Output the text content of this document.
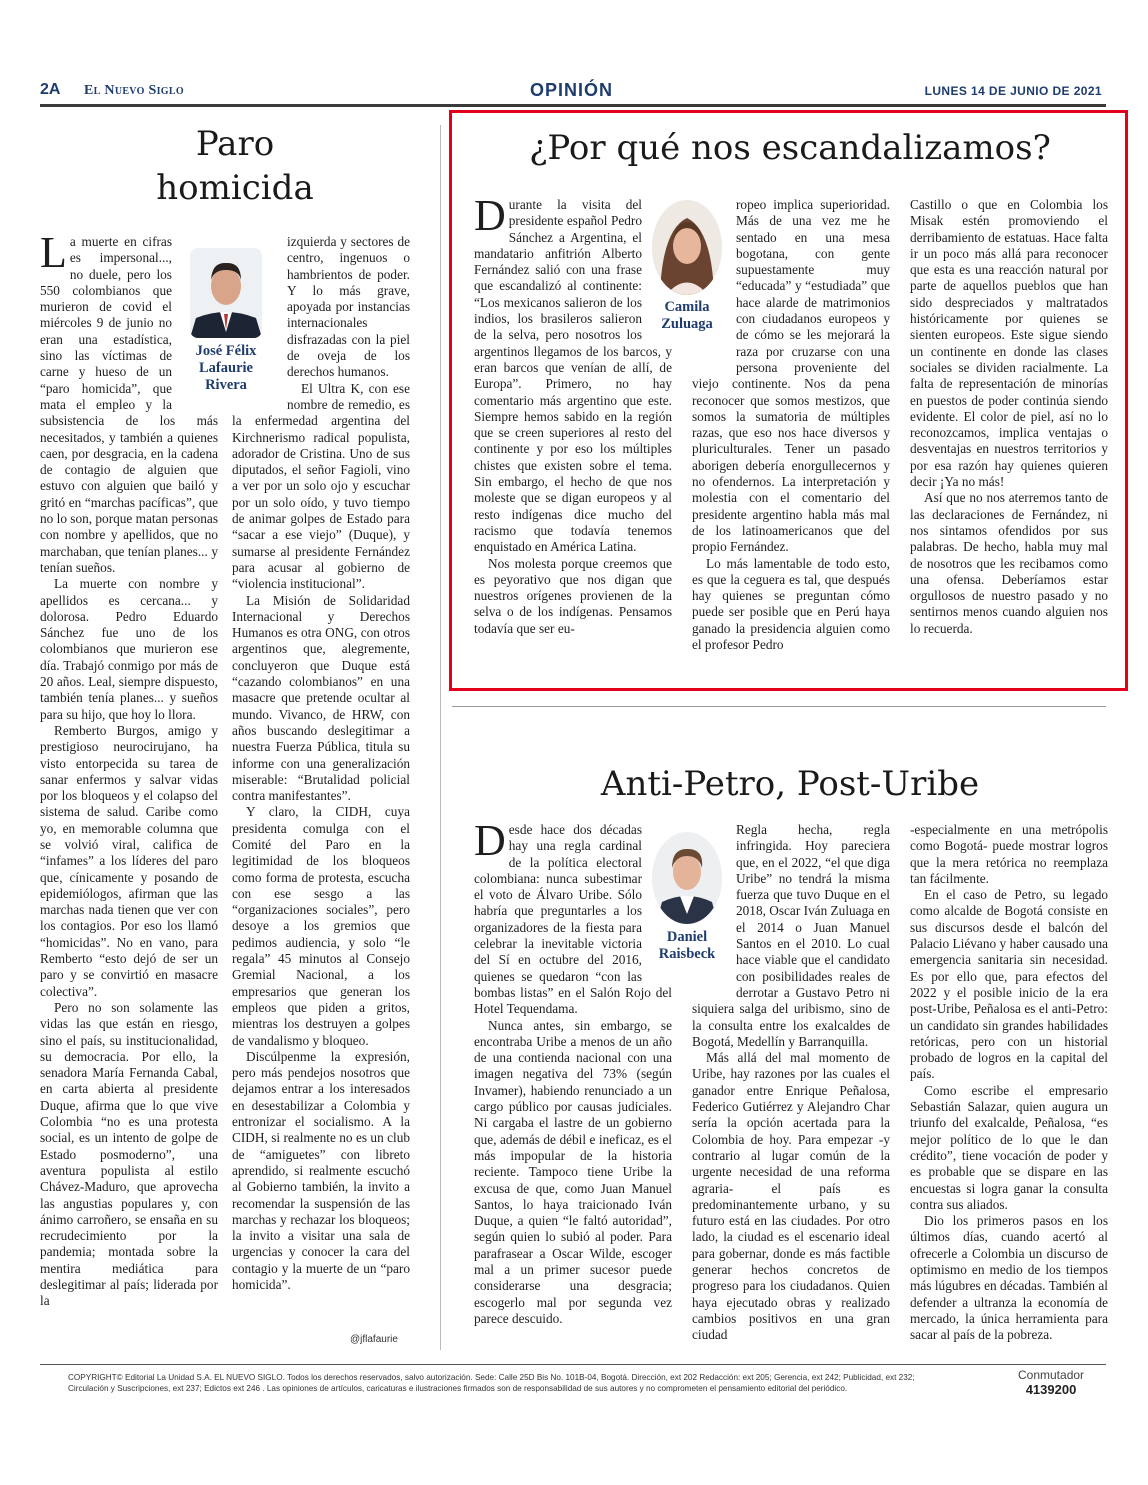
2A El Nuevo Siglo	OPINIÓN	LUNES 14 DE JUNIO DE 2021
Paro
homicida
José Félix
Lafaurie
Rivera

La muerte en cifras es impersonal..., no duele, pero los 550 colombianos que murieron de covid el miércoles 9 de junio no eran una estadística, sino las víctimas de carne y hueso de un “paro homicida”, que mata el empleo y la subsistencia de los más necesitados, y también a quienes caen, por desgracia, en la cadena de contagio de alguien que estuvo con alguien que bailó y gritó en “marchas pacíficas”, que no lo son, porque matan personas con nombre y apellidos, que no marchaban, que tenían planes... y tenían sueños.

La muerte con nombre y apellidos es cercana... y dolorosa. Pedro Eduardo Sánchez fue uno de los colombianos que murieron ese día. Trabajó conmigo por más de 20 años. Leal, siempre dispuesto, también tenía planes... y sueños para su hijo, que hoy lo llora.

Remberto Burgos, amigo y prestigioso neurocirujano, ha visto entorpecida su tarea de sanar enfermos y salvar vidas por los bloqueos y el colapso del sistema de salud. Caribe como yo, en memorable columna que se volvió viral, califica de “infames” a los líderes del paro que, cínicamente y posando de epidemiólogos, afirman que las marchas nada tienen que ver con los contagios. Por eso los llamó “homicidas”. No en vano, para Remberto “esto dejó de ser un paro y se convirtió en masacre colectiva”.

Pero no son solamente las vidas las que están en riesgo, sino el país, su institucionalidad, su democracia. Por ello, la senadora María Fernanda Cabal, en carta abierta al presidente Duque, afirma que lo que vive Colombia “no es una protesta social, es un intento de golpe de Estado posmoderno”, una aventura populista al estilo Chávez-Maduro, que aprovecha las angustias populares y, con ánimo carroñero, se ensaña en su recrudecimiento por la pandemia; montada sobre la mentira mediática para deslegitimar al país; liderada por la

izquierda y sectores de centro, ingenuos o hambrientos de poder. Y lo más grave, apoyada por instancias internacionales disfrazadas con la piel de oveja de los derechos humanos.

El Ultra K, con ese nombre de remedio, es la enfermedad argentina del Kirchnerismo radical populista, adorador de Cristina. Uno de sus diputados, el señor Fagioli, vino a ver por un solo ojo y escuchar por un solo oído, y tuvo tiempo de animar golpes de Estado para “sacar a ese viejo” (Duque), y sumarse al presidente Fernández para acusar al gobierno de “violencia institucional”.

La Misión de Solidaridad Internacional y Derechos Humanos es otra ONG, con otros argentinos que, alegremente, concluyeron que Duque está “cazando colombianos” en una masacre que pretende ocultar al mundo. Vivanco, de HRW, con años buscando deslegitimar a nuestra Fuerza Pública, titula su informe con una generalización miserable: “Brutalidad policial contra manifestantes”.

Y claro, la CIDH, cuya presidenta comulga con el Comité del Paro en la legitimidad de los bloqueos como forma de protesta, escucha con ese sesgo a las “organizaciones sociales”, pero desoye a los gremios que pedimos audiencia, y solo “le regala” 45 minutos al Consejo Gremial Nacional, a los empresarios que generan los empleos que piden a gritos, mientras los destruyen a golpes de vandalismo y bloqueo.

Discúlpenme la expresión, pero más pendejos nosotros que dejamos entrar a los interesados en desestabilizar a Colombia y entronizar el socialismo. A la CIDH, si realmente no es un club de “amiguetes” con libreto aprendido, si realmente escuchó al Gobierno también, la invito a recomendar la suspensión de las marchas y rechazar los bloqueos; la invito a visitar una sala de urgencias y conocer la cara del contagio y la muerte de un “paro homicida”.

@jflafaurie
¿Por qué nos escandalizamos?
Camila
Zuluaga

Durante la visita del presidente español Pedro Sánchez a Argentina, el mandatario anfitrión Alberto Fernández salió con una frase que escandalizó al continente: “Los mexicanos salieron de los indios, los brasileros salieron de la selva, pero nosotros los argentinos llegamos de los barcos, y eran barcos que venían de allí, de Europa”. Primero, no hay comentario más argentino que este. Siempre hemos sabido en la región que se creen superiores al resto del continente y por eso los múltiples chistes que existen sobre el tema. Sin embargo, el hecho de que nos moleste que se digan europeos y al resto indígenas dice mucho del racismo que todavía tenemos enquistado en América Latina.

Nos molesta porque creemos que es peyorativo que nos digan que nuestros orígenes provienen de la selva o de los indígenas. Pensamos todavía que ser eu-

ropeo implica superioridad. Más de una vez me he sentado en una mesa bogotana, con gente supuestamente muy “educada” y “estudiada” que hace alarde de matrimonios con ciudadanos europeos y de cómo se les mejorará la raza por cruzarse con una persona proveniente del viejo continente. Nos da pena reconocer que somos mestizos, que somos la sumatoria de múltiples razas, que eso nos hace diversos y pluriculturales. Tener un pasado aborigen debería enorgullecernos y no ofendernos. La interpretación y molestia con el comentario del presidente argentino habla más mal de los latinoamericanos que del propio Fernández.

Lo más lamentable de todo esto, es que la ceguera es tal, que después hay quienes se preguntan cómo puede ser posible que en Perú haya ganado la presidencia alguien como el profesor Pedro

Castillo o que en Colombia los Misak estén promoviendo el derribamiento de estatuas. Hace falta ir un poco más allá para reconocer que esta es una reacción natural por parte de aquellos pueblos que han sido despreciados y maltratados históricamente por quienes se sienten europeos. Este sigue siendo un continente en donde las clases sociales se dividen racialmente. La falta de representación de minorías en puestos de poder continúa siendo evidente. El color de piel, así no lo reconozcamos, implica ventajas o desventajas en nuestros territorios y por esa razón hay quienes quieren decir ¡Ya no más!

Así que no nos aterremos tanto de las declaraciones de Fernández, ni nos sintamos ofendidos por sus palabras. De hecho, habla muy mal de nosotros que les recibamos como una ofensa. Deberíamos estar orgullosos de nuestro pasado y no sentirnos menos cuando alguien nos lo recuerda.

Anti-Petro, Post-Uribe
Daniel
Raisbeck

Desde hace dos décadas hay una regla cardinal de la política electoral colombiana: nunca subestimar el voto de Álvaro Uribe. Sólo habría que preguntarles a los organizadores de la fiesta para celebrar la inevitable victoria del Sí en octubre del 2016, quienes se quedaron “con las bombas listas” en el Salón Rojo del Hotel Tequendama.

Nunca antes, sin embargo, se encontraba Uribe a menos de un año de una contienda nacional con una imagen negativa del 73% (según Invamer), habiendo renunciado a un cargo público por causas judiciales. Ni cargaba el lastre de un gobierno que, además de débil e ineficaz, es el más impopular de la historia reciente. Tampoco tiene Uribe la excusa de que, como Juan Manuel Santos, lo haya traicionado Iván Duque, a quien “le faltó autoridad”, según quien lo subió al poder. Para parafrasear a Oscar Wilde, escoger mal a un primer sucesor puede considerarse una desgracia; escogerlo mal por segunda vez parece descuido.

Regla hecha, regla infringida. Hoy pareciera que, en el 2022, “el que diga Uribe” no tendrá la misma fuerza que tuvo Duque en el 2018, Oscar Iván Zuluaga en el 2014 o Juan Manuel Santos en el 2010. Lo cual hace viable que el candidato con posibilidades reales de derrotar a Gustavo Petro ni siquiera salga del uribismo, sino de la consulta entre los exalcaldes de Bogotá, Medellín y Barranquilla.

Más allá del mal momento de Uribe, hay razones por las cuales el ganador entre Enrique Peñalosa, Federico Gutiérrez y Alejandro Char sería la opción acertada para la Colombia de hoy. Para empezar -y contrario al lugar común de la urgente necesidad de una reforma agraria- el país es predominantemente urbano, y su futuro está en las ciudades. Por otro lado, la ciudad es el escenario ideal para gobernar, donde es más factible generar hechos concretos de progreso para los ciudadanos. Quien haya ejecutado obras y realizado cambios positivos en una gran ciudad

-especialmente en una metrópolis como Bogotá- puede mostrar logros que la mera retórica no reemplaza tan fácilmente.

En el caso de Petro, su legado como alcalde de Bogotá consiste en sus discursos desde el balcón del Palacio Liévano y haber causado una emergencia sanitaria sin necesidad. Es por ello que, para efectos del 2022 y el posible inicio de la era post-Uribe, Peñalosa es el anti-Petro: un candidato sin grandes habilidades retóricas, pero con un historial probado de logros en la capital del país.

Como escribe el empresario Sebastián Salazar, quien augura un triunfo del exalcalde, Peñalosa, “es mejor político de lo que le dan crédito”, tiene vocación de poder y es probable que se dispare en las encuestas si logra ganar la consulta contra sus aliados.

Dio los primeros pasos en los últimos días, cuando acertó al ofrecerle a Colombia un discurso de optimismo en medio de los tiempos más lúgubres en décadas. También al defender a ultranza la economía de mercado, la única herramienta para sacar al país de la pobreza.

COPYRIGHT© Editorial La Unidad S.A. EL NUEVO SIGLO. Todos los derechos reservados, salvo autorización. Sede: Calle 25D Bis No. 101B-04, Bogotá. Dirección, ext 202 Redacción: ext 205; Gerencia, ext 242; Publicidad, ext 232;
Circulación y Suscripciones, ext 237; Edictos ext 246 . Las opiniones de artículos, caricaturas e ilustraciones firmados son de responsabilidad de sus autores y no comprometen el pensamiento editorial del periódico.
Conmutador
4139200
